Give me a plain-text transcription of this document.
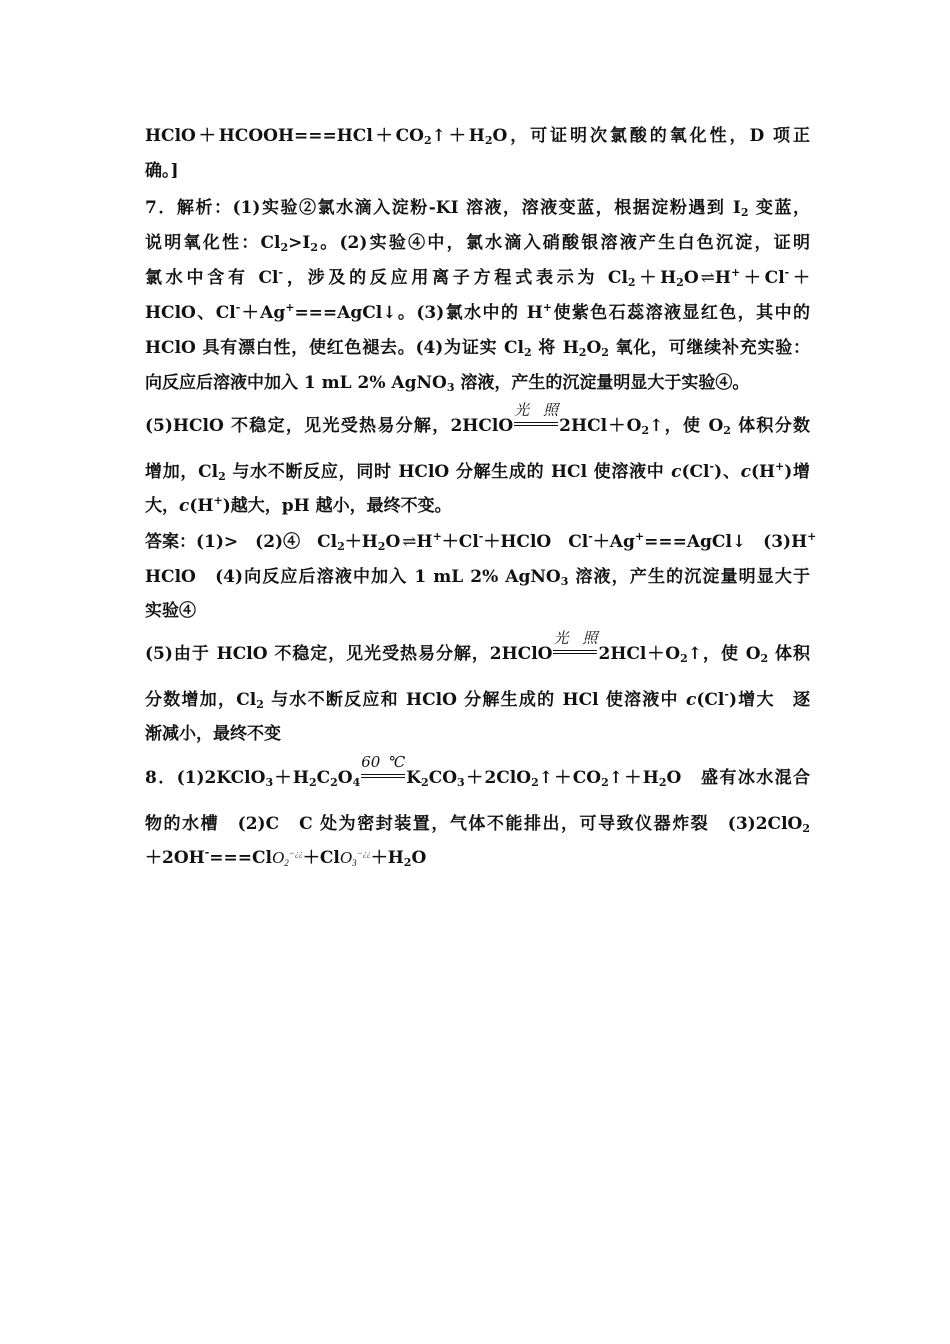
$HClO+HCOOH===HCl+CO_2↑+H_2O$，可证明次氯酸的氧化性，D 项正
确。]
7．解析：(1)实验②氯水滴入淀粉-KI 溶液，溶液变蓝，根据淀粉遇到 $I_2$ 变蓝，
说明氧化性：$Cl_2>I_2$。(2)实验④中，氯水滴入硝酸银溶液产生白色沉淀，证明
氯水中含有 Cl-，涉及的反应用离子方程式表示为 $Cl_2+H_2O$ ⇌ H+＋Cl-＋
HClO、Cl-＋Ag+===AgCl↓。(3)氯水中的 H+使紫色石蕊溶液显红色，其中的
HClO 具有漂白性，使红色褪去。(4)为证实 $Cl_2$ 将 $H_2O_2$ 氧化，可继续补充实验：
向反应后溶液中加入 1 mL 2% AgNO$_3$ 溶液，产生的沉淀量明显大于实验④。
(5)HClO 不稳定，见光受热易分解，2HClO
光照
$2HCl+O_2↑$，使 $O_2$ 体积分数
增加，$Cl_2$ 与水不断反应，同时 HClO 分解生成的 HCl 使溶液中 c(Cl-)、c(H+)增
大，c(H+)越大，pH 越小，最终不变。
答案：(1)>　(2)④　$Cl_2+H_2O$ ⇌ H+＋Cl-＋HClO　Cl-＋Ag+===AgCl↓　(3)H+
HClO　(4)向反应后溶液中加入 1 mL 2% AgNO$_3$ 溶液，产生的沉淀量明显大于
实验④
(5)由于 HClO 不稳定，见光受热易分解，2HClO
光照
$2HCl+O_2↑$，使 $O_2$ 体积
分数增加，$Cl_2$ 与水不断反应和 HClO 分解生成的 HCl 使溶液中 c(Cl-)增大　逐
渐减小，最终不变
8．$(1)2KClO_3+H_2C_2O_4$
60 ℃
$K_2CO_3+2ClO_2↑+CO_2↑+H_2O$　盛有冰水混合
物的水槽　(2)C　C 处为密封装置，气体不能排出，可导致仪器炸裂　(3)2ClO$_2$
$+2OH^-===ClO_2^{-¿¿}+ClO_3^{-¿¿}+H_2O$
